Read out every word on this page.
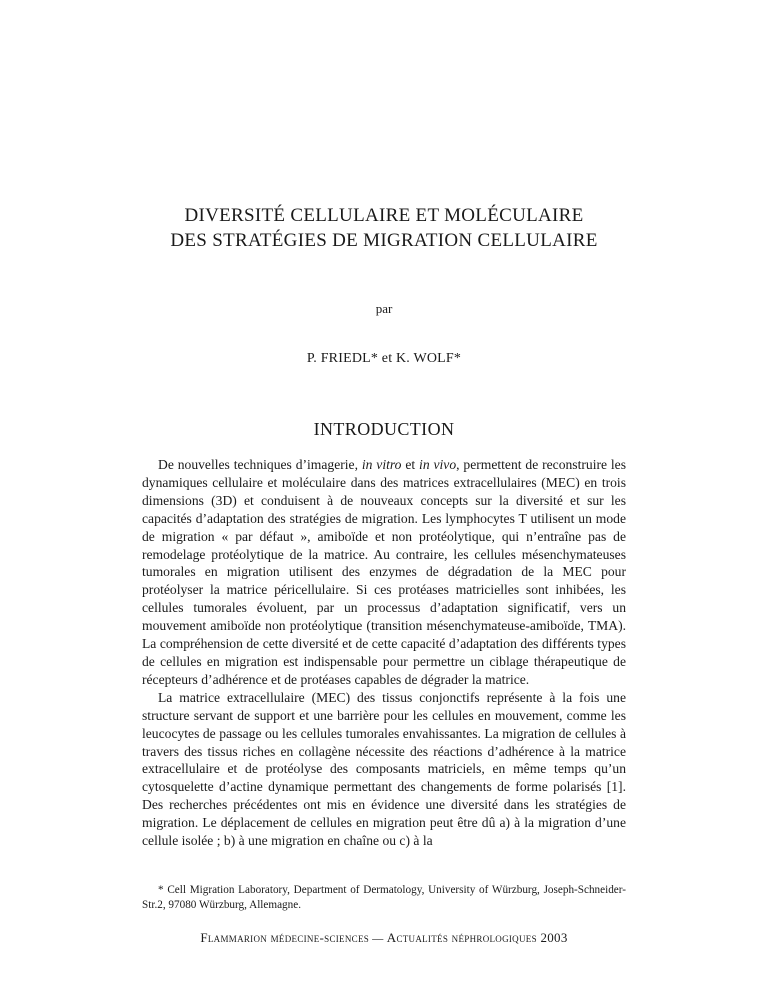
DIVERSITÉ CELLULAIRE ET MOLÉCULAIRE
DES STRATÉGIES DE MIGRATION CELLULAIRE
par
P. FRIEDL* et K. WOLF*
INTRODUCTION

De nouvelles techniques d’imagerie, in vitro et in vivo, permettent de reconstruire les dynamiques cellulaire et moléculaire dans des matrices extracellulaires (MEC) en trois dimensions (3D) et conduisent à de nouveaux concepts sur la diversité et sur les capacités d’adaptation des stratégies de migration. Les lymphocytes T utilisent un mode de migration « par défaut », amiboïde et non protéolytique, qui n’entraîne pas de remodelage protéolytique de la matrice. Au contraire, les cellules mésenchymateuses tumorales en migration utilisent des enzymes de dégradation de la MEC pour protéolyser la matrice péricellulaire. Si ces protéases matricielles sont inhibées, les cellules tumorales évoluent, par un processus d’adaptation significatif, vers un mouvement amiboïde non protéolytique (transition mésenchymateuse-amiboïde, TMA). La compréhension de cette diversité et de cette capacité d’adaptation des différents types de cellules en migration est indispensable pour permettre un ciblage thérapeutique de récepteurs d’adhérence et de protéases capables de dégrader la matrice.

La matrice extracellulaire (MEC) des tissus conjonctifs représente à la fois une structure servant de support et une barrière pour les cellules en mouvement, comme les leucocytes de passage ou les cellules tumorales envahissantes. La migration de cellules à travers des tissus riches en collagène nécessite des réactions d’adhérence à la matrice extracellulaire et de protéolyse des composants matriciels, en même temps qu’un cytosquelette d’actine dynamique permettant des changements de forme polarisés [1]. Des recherches précédentes ont mis en évidence une diversité dans les stratégies de migration. Le déplacement de cellules en migration peut être dû a) à la migration d’une cellule isolée ; b) à une migration en chaîne ou c) à la

* Cell Migration Laboratory, Department of Dermatology, University of Würzburg, Joseph-Schneider-Str.2, 97080 Würzburg, Allemagne.

Flammarion médecine-sciences — Actualités néphrologiques 2003
